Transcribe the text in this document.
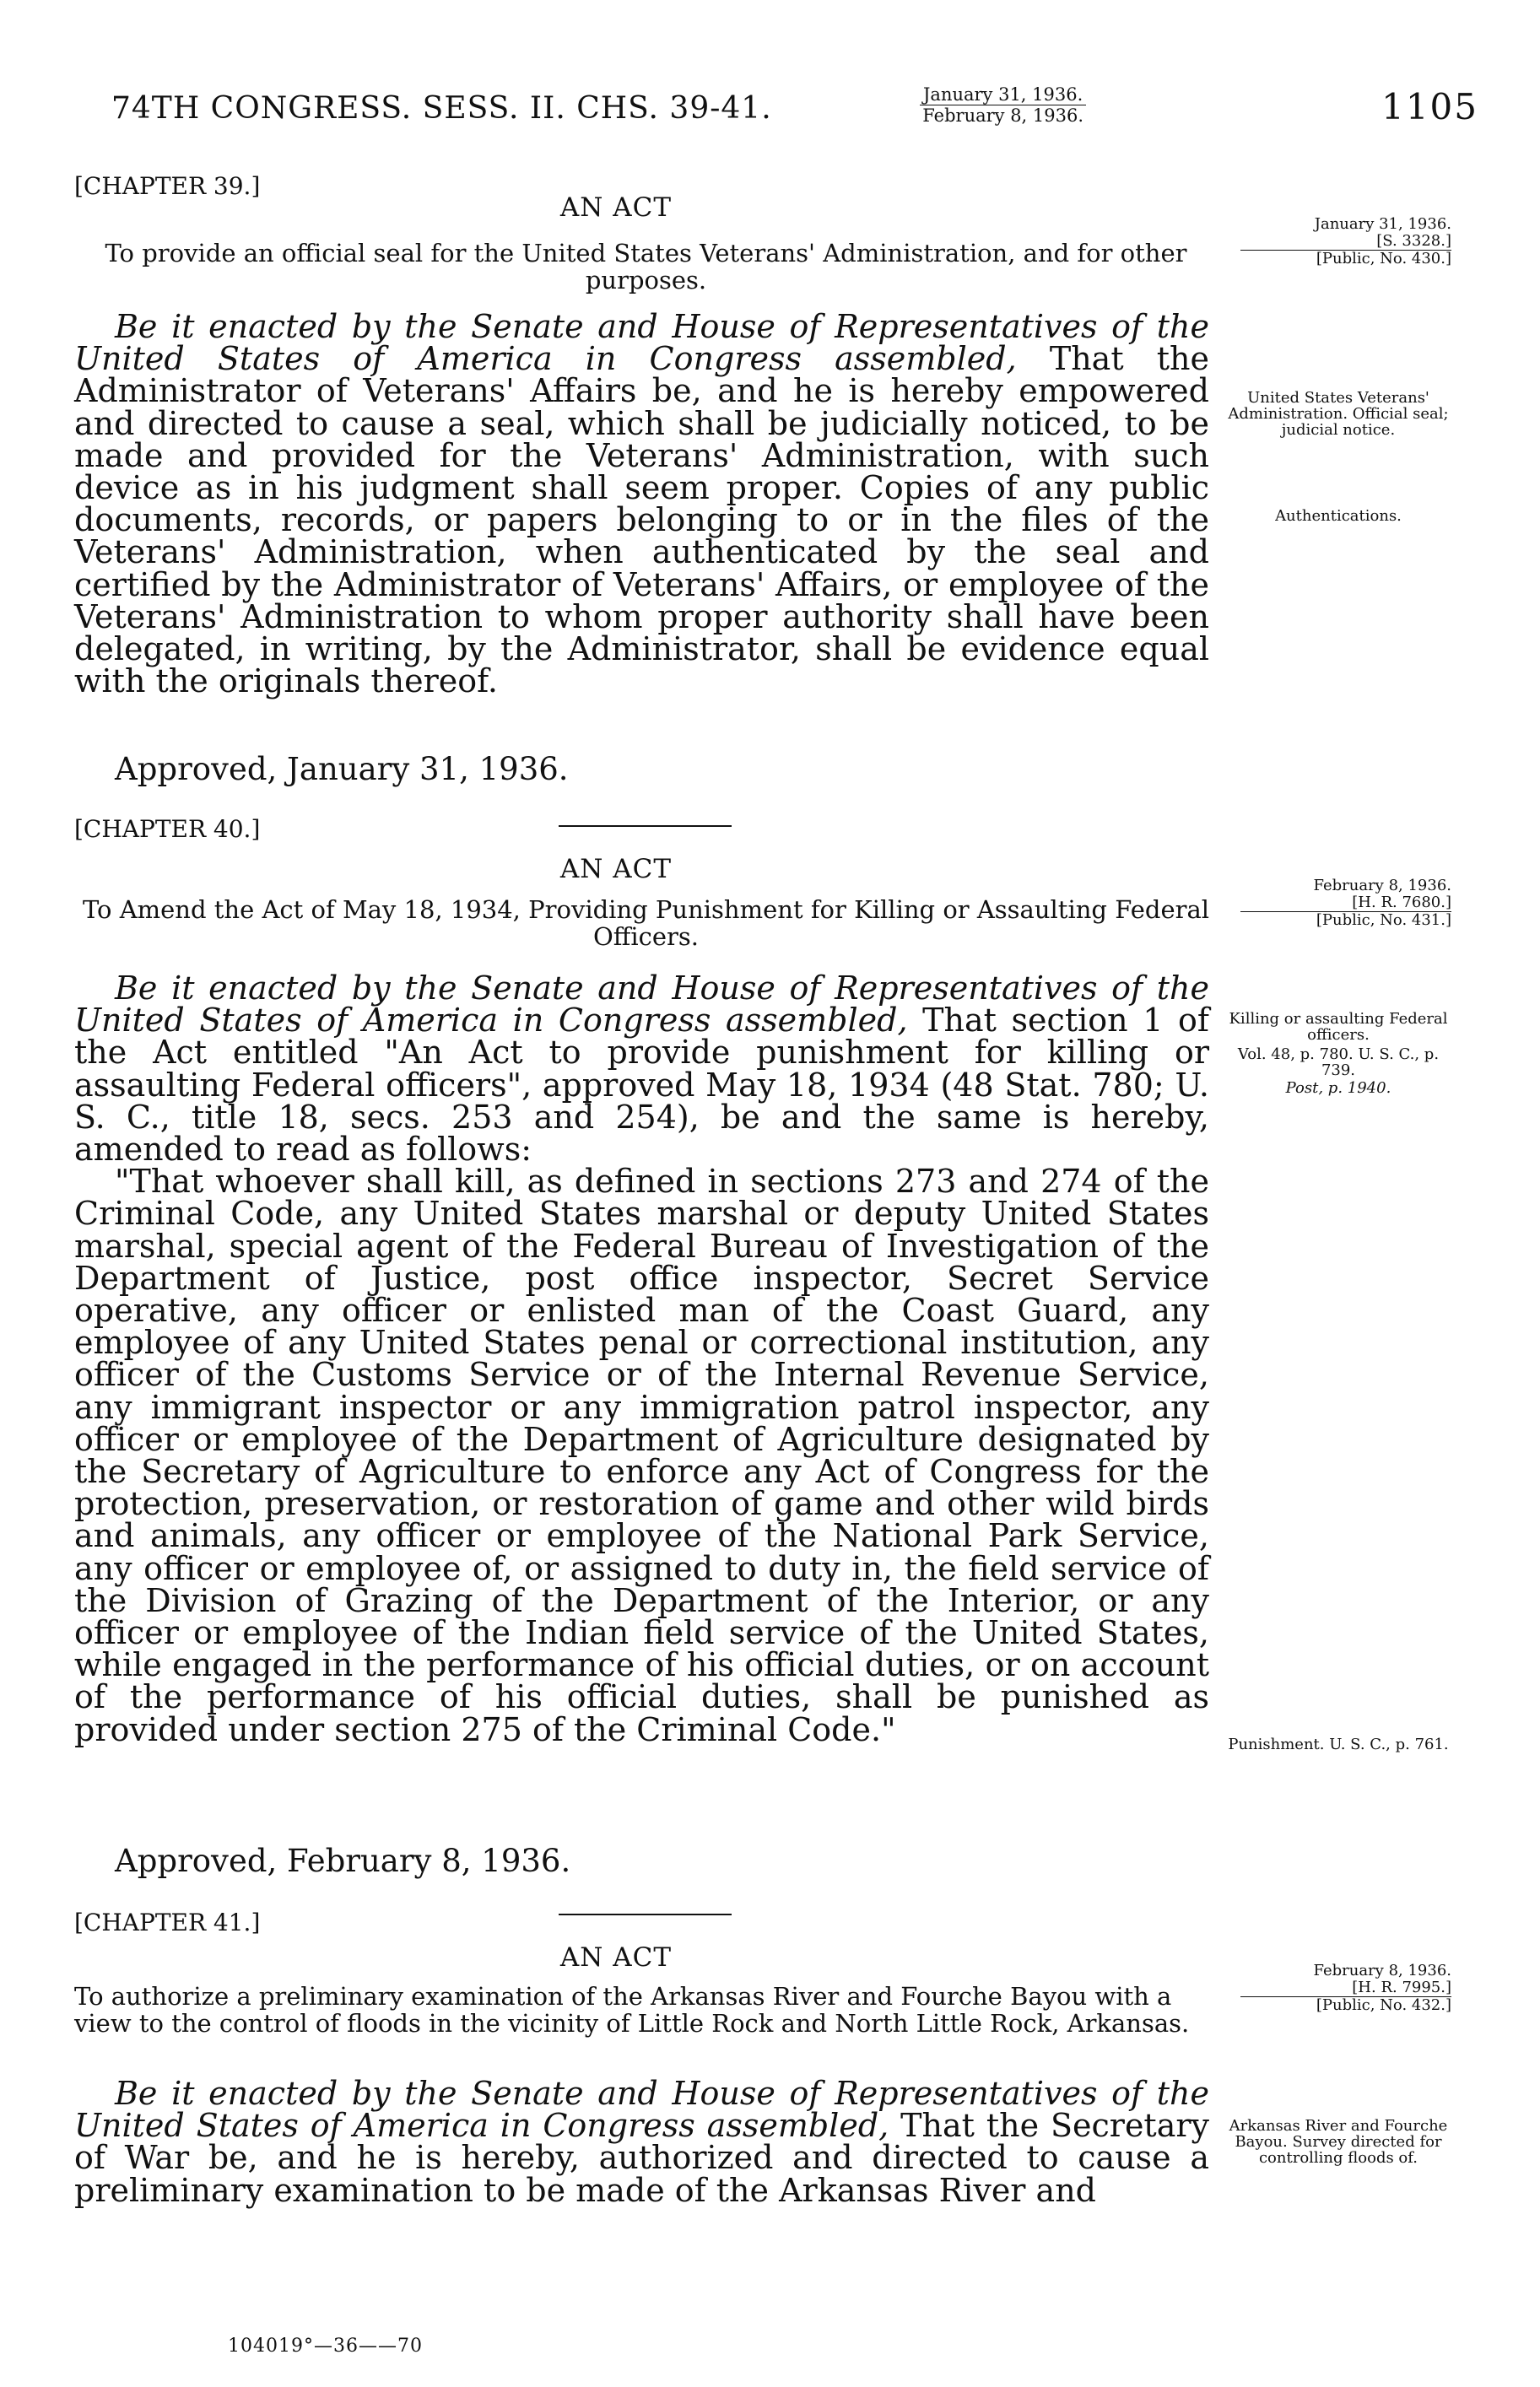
74TH CONGRESS. SESS. II. CHS. 39-41.	January 31, 1936.
February 8, 1936.	1105
[CHAPTER 39.]
AN ACT
To provide an official seal for the United States Veterans' Administration, and for other purposes.
January 31, 1936.
[S. 3328.]
[Public, No. 430.]

Be it enacted by the Senate and House of Representatives of the United States of America in Congress assembled, That the Administrator of Veterans' Affairs be, and he is hereby empowered and directed to cause a seal, which shall be judicially noticed, to be made and provided for the Veterans' Administration, with such device as in his judgment shall seem proper. Copies of any public documents, records, or papers belonging to or in the files of the Veterans' Administration, when authenticated by the seal and certified by the Administrator of Veterans' Affairs, or employee of the Veterans' Administration to whom proper authority shall have been delegated, in writing, by the Administrator, shall be evidence equal with the originals thereof.

United States Veterans' Administration. Official seal; judicial notice.
Authentications.
Approved, January 31, 1936.
[CHAPTER 40.]
AN ACT
To Amend the Act of May 18, 1934, Providing Punishment for Killing or Assaulting Federal Officers.
February 8, 1936.
[H. R. 7680.]
[Public, No. 431.]

Be it enacted by the Senate and House of Representatives of the United States of America in Congress assembled, That section 1 of the Act entitled "An Act to provide punishment for killing or assaulting Federal officers", approved May 18, 1934 (48 Stat. 780; U. S. C., title 18, secs. 253 and 254), be and the same is hereby, amended to read as follows:

"That whoever shall kill, as defined in sections 273 and 274 of the Criminal Code, any United States marshal or deputy United States marshal, special agent of the Federal Bureau of Investigation of the Department of Justice, post office inspector, Secret Service operative, any officer or enlisted man of the Coast Guard, any employee of any United States penal or correctional institution, any officer of the Customs Service or of the Internal Revenue Service, any immigrant inspector or any immigration patrol inspector, any officer or employee of the Department of Agriculture designated by the Secretary of Agriculture to enforce any Act of Congress for the protection, preservation, or restoration of game and other wild birds and animals, any officer or employee of the National Park Service, any officer or employee of, or assigned to duty in, the field service of the Division of Grazing of the Department of the Interior, or any officer or employee of the Indian field service of the United States, while engaged in the performance of his official duties, or on account of the performance of his official duties, shall be punished as provided under section 275 of the Criminal Code."

Killing or assaulting Federal officers.
Vol. 48, p. 780. U. S. C., p. 739.
Post, p. 1940.
Punishment. U. S. C., p. 761.
Approved, February 8, 1936.
[CHAPTER 41.]
AN ACT
To authorize a preliminary examination of the Arkansas River and Fourche Bayou with a view to the control of floods in the vicinity of Little Rock and North Little Rock, Arkansas.
February 8, 1936.
[H. R. 7995.]
[Public, No. 432.]

Be it enacted by the Senate and House of Representatives of the United States of America in Congress assembled, That the Secretary of War be, and he is hereby, authorized and directed to cause a preliminary examination to be made of the Arkansas River and

Arkansas River and Fourche Bayou. Survey directed for controlling floods of.
104019°—36——70
